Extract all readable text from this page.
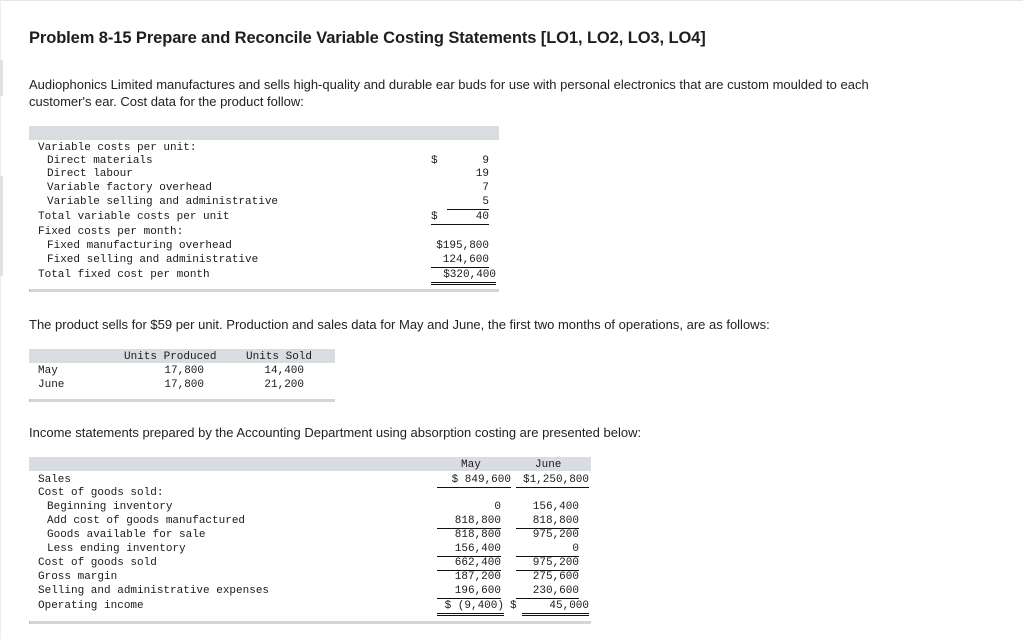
Problem 8-15 Prepare and Reconcile Variable Costing Statements [LO1, LO2, LO3, LO4]
Audiophonics Limited manufactures and sells high-quality and durable ear buds for use with personal electronics that are custom moulded to each customer's ear. Cost data for the product follow:
Variable costs per unit:
Direct materials	$	9
Direct labour	19
Variable factory overhead	7
Variable selling and administrative	5
Total variable costs per unit	$	40
Fixed costs per month:
Fixed manufacturing overhead	$195,800
Fixed selling and administrative	124,600
Total fixed cost per month	$320,400
The product sells for $59 per unit. Production and sales data for May and June, the first two months of operations, are as follows:
Units Produced	Units Sold
May	17,800	14,400
June	17,800	21,200
Income statements prepared by the Accounting Department using absorption costing are presented below:
May	June
Sales	$ 849,600	$1,250,800
Cost of goods sold:
Beginning inventory	0	156,400
Add cost of goods manufactured	818,800	818,800
Goods available for sale	818,800	975,200
Less ending inventory	156,400	0
Cost of goods sold	662,400	975,200
Gross margin	187,200	275,600
Selling and administrative expenses	196,600	230,600
Operating income	$ (9,400) $	45,000
